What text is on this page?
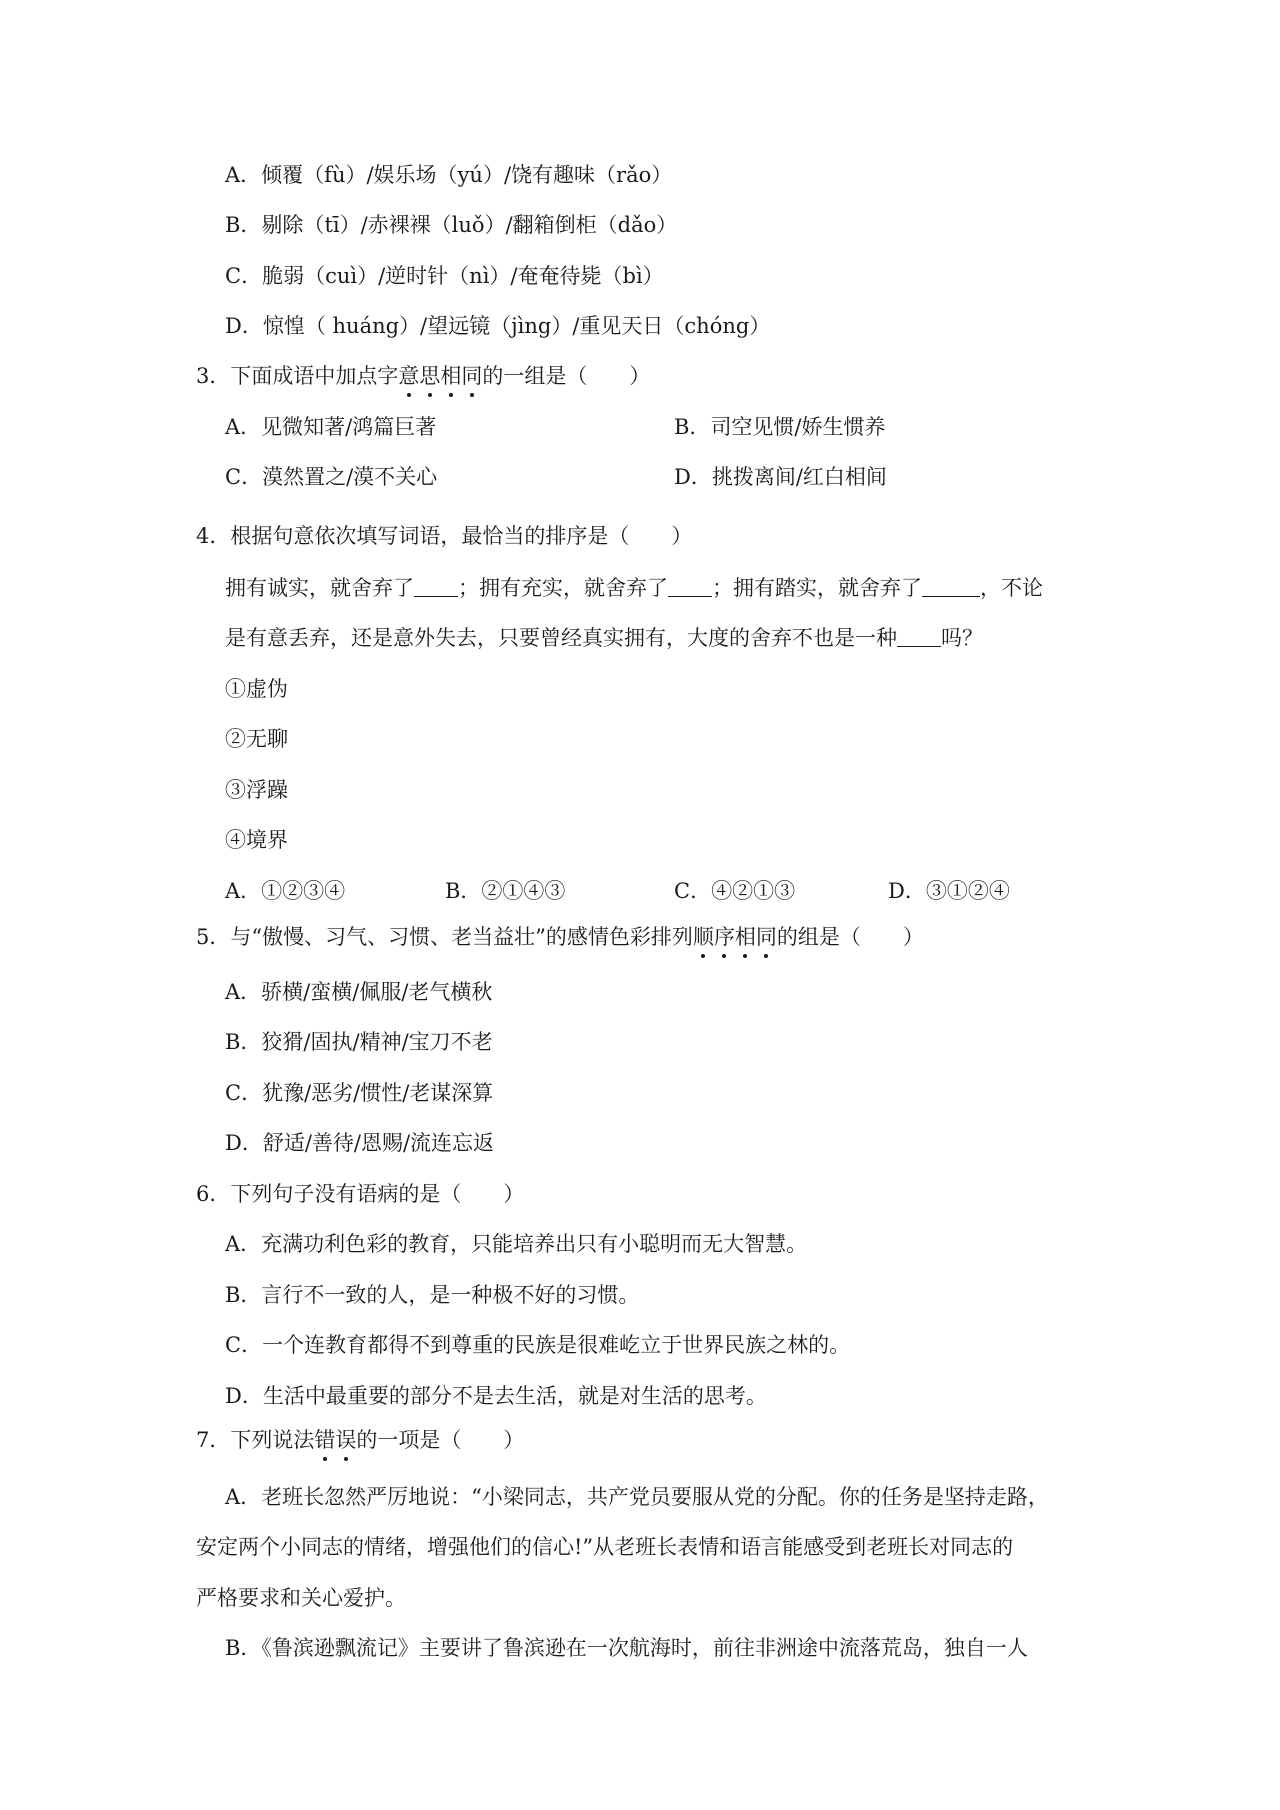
A．倾覆（fù）/娱乐场（yú）/饶有趣味（rǎo）
B．剔除（tī）/赤裸裸（luǒ）/翻箱倒柜（dǎo）
C．脆弱（cuì）/逆时针（nì）/奄奄待毙（bì）
D．惊惶（ huáng）/望远镜（jìng）/重见天日（chóng）
3．下面成语中加点字意思相同的一组是（　　）
A．见微知著/鸿篇巨著	B．司空见惯/娇生惯养
C．漠然置之/漠不关心	D．挑拨离间/红白相间
4．根据句意依次填写词语，最恰当的排序是（　　）
拥有诚实，就舍弃了 ；拥有充实，就舍弃了 ；拥有踏实，就舍弃了	，不论
是有意丢弃，还是意外失去，只要曾经真实拥有，大度的舍弃不也是一种 吗？
①虚伪
②无聊
③浮躁
④境界
A．①②③④	B．②①④③	C．④②①③	D．③①②④
5．与“傲慢、习气、习惯、老当益壮”的感情色彩排列顺序相同的组是（　　）
A．骄横/蛮横/佩服/老气横秋
B．狡猾/固执/精神/宝刀不老
C．犹豫/恶劣/惯性/老谋深算
D．舒适/善待/恩赐/流连忘返
6．下列句子没有语病的是（　　）
A．充满功利色彩的教育，只能培养出只有小聪明而无大智慧。
B．言行不一致的人，是一种极不好的习惯。
C．一个连教育都得不到尊重的民族是很难屹立于世界民族之林的。
D．生活中最重要的部分不是去生活，就是对生活的思考。
7．下列说法错误的一项是（　　）
A．老班长忽然严厉地说：“小梁同志，共产党员要服从党的分配。你的任务是坚持走路，
安定两个小同志的情绪，增强他们的信心!”从老班长表情和语言能感受到老班长对同志的
严格要求和关心爱护。
B．《鲁滨逊飘流记》主要讲了鲁滨逊在一次航海时，前往非洲途中流落荒岛，独自一人
